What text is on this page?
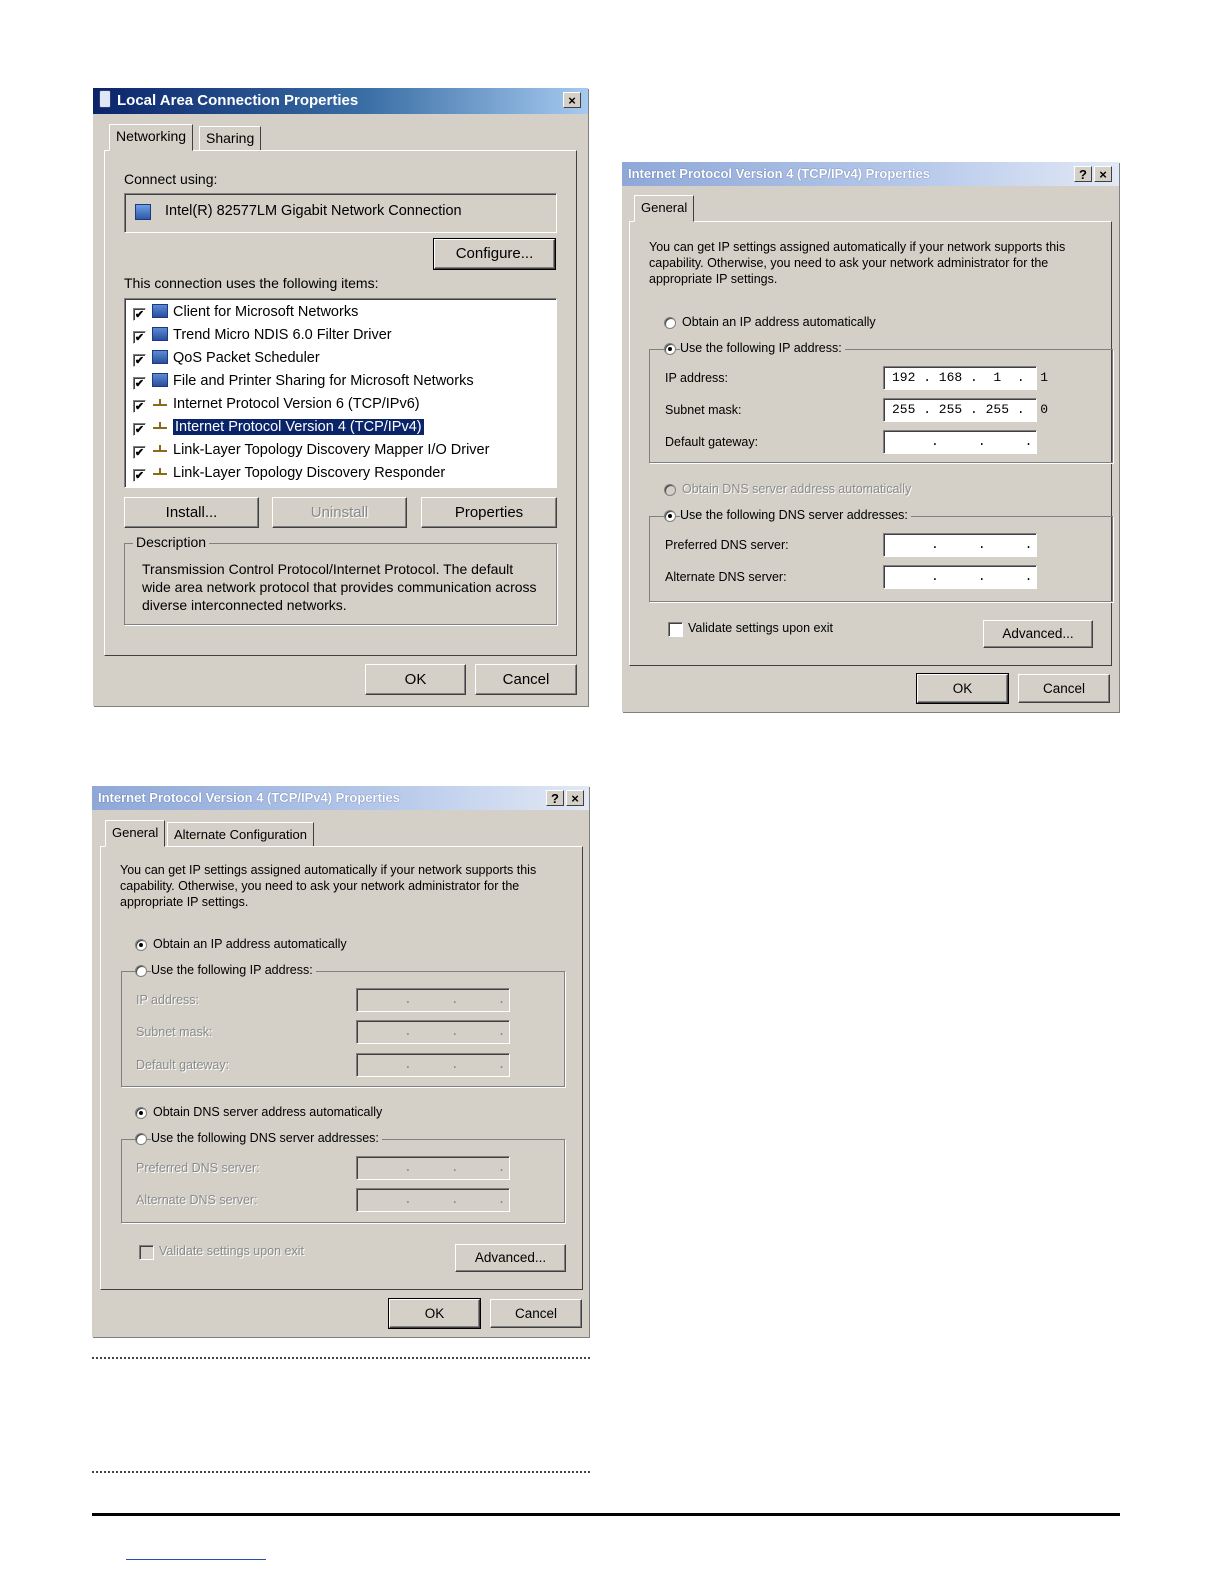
Local Area Connection Properties	×
Networking	Sharing
Connect using:
Intel(R) 82577LM Gigabit Network Connection
Configure...
This connection uses the following items:
✔ Client for Microsoft Networks
✔ Trend Micro NDIS 6.0 Filter Driver
✔ QoS Packet Scheduler
✔ File and Printer Sharing for Microsoft Networks
✔ Internet Protocol Version 6 (TCP/IPv6)
✔ Internet Protocol Version 4 (TCP/IPv4)
✔ Link-Layer Topology Discovery Mapper I/O Driver
✔ Link-Layer Topology Discovery Responder
Install...	Uninstall	Properties
Description
Transmission Control Protocol/Internet Protocol. The default wide area network protocol that provides communication across diverse interconnected networks.
OK	Cancel
Internet Protocol Version 4 (TCP/IPv4) Properties	? ×
General
You can get IP settings assigned automatically if your network supports this capability. Otherwise, you need to ask your network administrator for the appropriate IP settings.
Obtain an IP address automatically
Use the following IP address:
IP address:	192 . 168 .  1  .  1
Subnet mask:	255 . 255 . 255 .  0
Default gateway:	.     .     .
Obtain DNS server address automatically
Use the following DNS server addresses:
Preferred DNS server:	.     .     .
Alternate DNS server:	.     .     .
Validate settings upon exit	Advanced...
OK	Cancel
Internet Protocol Version 4 (TCP/IPv4) Properties	? ×
General	Alternate Configuration
You can get IP settings assigned automatically if your network supports this capability. Otherwise, you need to ask your network administrator for the appropriate IP settings.
Obtain an IP address automatically
Use the following IP address:
IP address:	.     .     .
Subnet mask:	.     .     .
Default gateway:	.     .     .
Obtain DNS server address automatically
Use the following DNS server addresses:
Preferred DNS server:	.     .     .
Alternate DNS server:	.     .     .
Validate settings upon exit	Advanced...
OK	Cancel
